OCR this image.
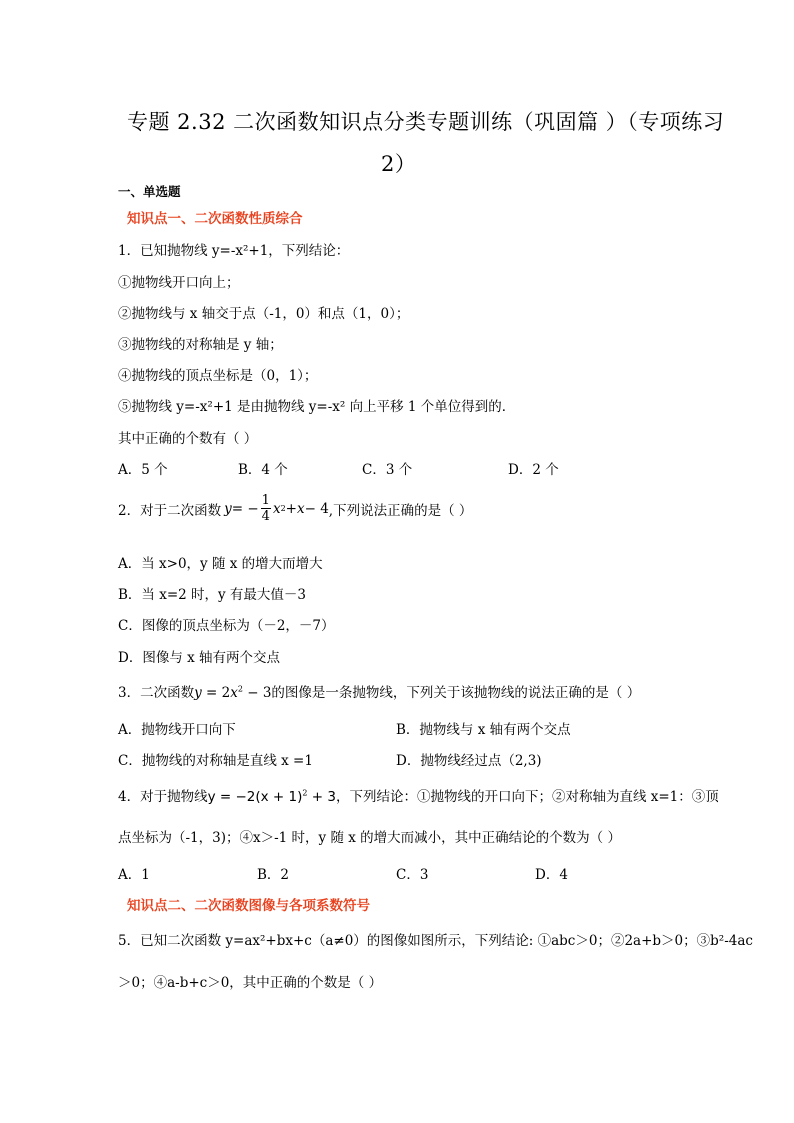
专题 2.32 二次函数知识点分类专题训练（巩固篇 ）（专项练习
2）
一、单选题
知识点一、二次函数性质综合
1．已知抛物线 y=-x²+1，下列结论：
①抛物线开口向上；
②抛物线与 x 轴交于点（-1，0）和点（1，0）；
③抛物线的对称轴是 y 轴；
④抛物线的顶点坐标是（0，1）；
⑤抛物线 y=-x²+1 是由抛物线 y=-x² 向上平移 1 个单位得到的．
其中正确的个数有（ ）
A．5 个	B．4 个	C．3 个	D．2 个
2．对于二次函数 y = − $\frac{1}{4}$ x 2 + x − 4 ,下列说法正确的是（ ）
A．当 x>0，y 随 x 的增大而增大
B．当 x=2 时，y 有最大值－3
C．图像的顶点坐标为（－2，－7）
D．图像与 x 轴有两个交点
3．二次函数$y = 2x^2 - 3$的图像是一条抛物线，下列关于该抛物线的说法正确的是（ ）
A．抛物线开口向下	B．抛物线与 x 轴有两个交点
C．抛物线的对称轴是直线 x =1	D．抛物线经过点（2,3)
4．对于抛物线$y = -2(x + 1)^2 + 3$，下列结论：①抛物线的开口向下；②对称轴为直线 x=1：③顶
点坐标为（-1，3)；④x＞-1 时，y 随 x 的增大而减小，其中正确结论的个数为（ ）
A．1	B．2	C．3	D．4
知识点二、二次函数图像与各项系数符号
5．已知二次函数 y=ax²+bx+c（a≠0）的图像如图所示，下列结论: ①abc＞0；②2a+b＞0；③b²-4ac
＞0；④a-b+c＞0，其中正确的个数是（ ）
